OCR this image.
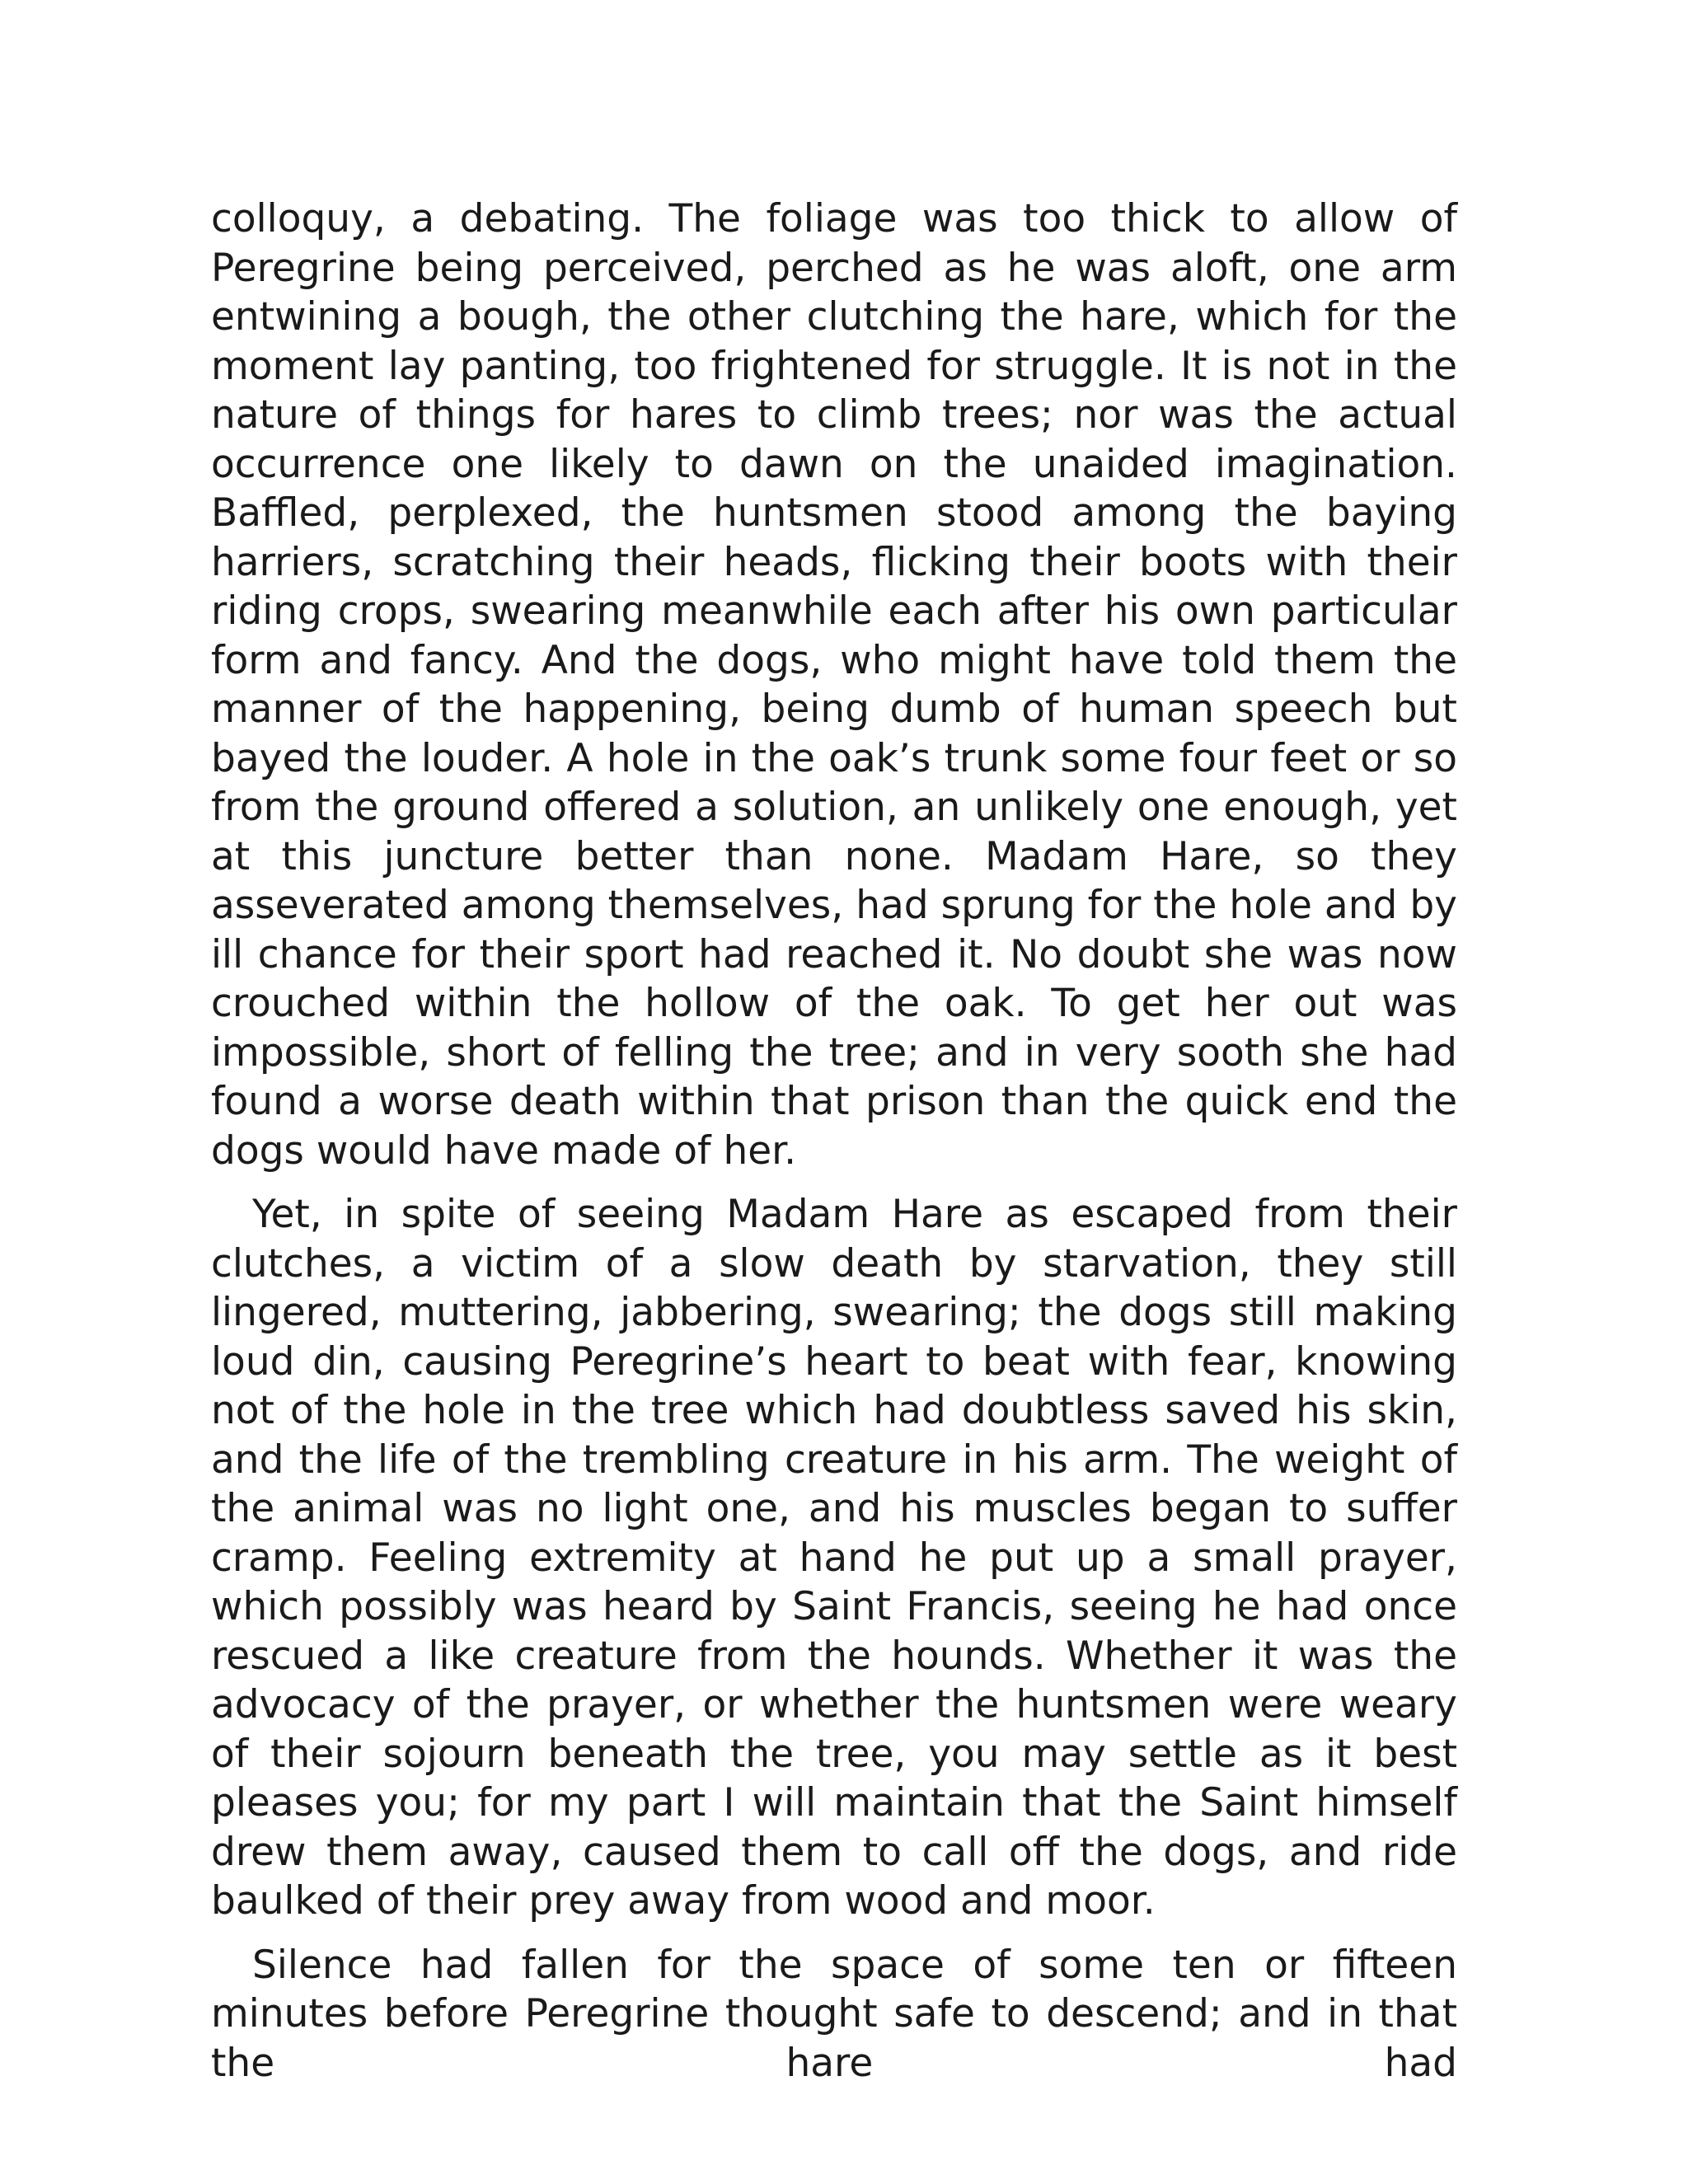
colloquy, a debating. The foliage was too thick to allow of Peregrine being perceived, perched as he was aloft, one arm entwining a bough, the other clutching the hare, which for the moment lay panting, too frightened for struggle. It is not in the nature of things for hares to climb trees; nor was the actual occurrence one likely to dawn on the unaided imagination. Baffled, perplexed, the huntsmen stood among the baying harriers, scratching their heads, flicking their boots with their riding crops, swearing meanwhile each after his own particular form and fancy. And the dogs, who might have told them the manner of the happening, being dumb of human speech but bayed the louder. A hole in the oak’s trunk some four feet or so from the ground offered a solution, an unlikely one enough, yet at this juncture better than none. Madam Hare, so they asseverated among themselves, had sprung for the hole and by ill chance for their sport had reached it. No doubt she was now crouched within the hollow of the oak. To get her out was impossible, short of felling the tree; and in very sooth she had found a worse death within that prison than the quick end the dogs would have made of her.

Yet, in spite of seeing Madam Hare as escaped from their clutches, a victim of a slow death by starvation, they still lingered, muttering, jabbering, swearing; the dogs still making loud din, causing Peregrine’s heart to beat with fear, knowing not of the hole in the tree which had doubtless saved his skin, and the life of the trembling creature in his arm. The weight of the animal was no light one, and his muscles began to suffer cramp. Feeling extremity at hand he put up a small prayer, which possibly was heard by Saint Francis, seeing he had once rescued a like creature from the hounds. Whether it was the advocacy of the prayer, or whether the huntsmen were weary of their sojourn beneath the tree, you may settle as it best pleases you; for my part I will maintain that the Saint himself drew them away, caused them to call off the dogs, and ride baulked of their prey away from wood and moor.

Silence had fallen for the space of some ten or fifteen minutes before Peregrine thought safe to descend; and in that the hare had
